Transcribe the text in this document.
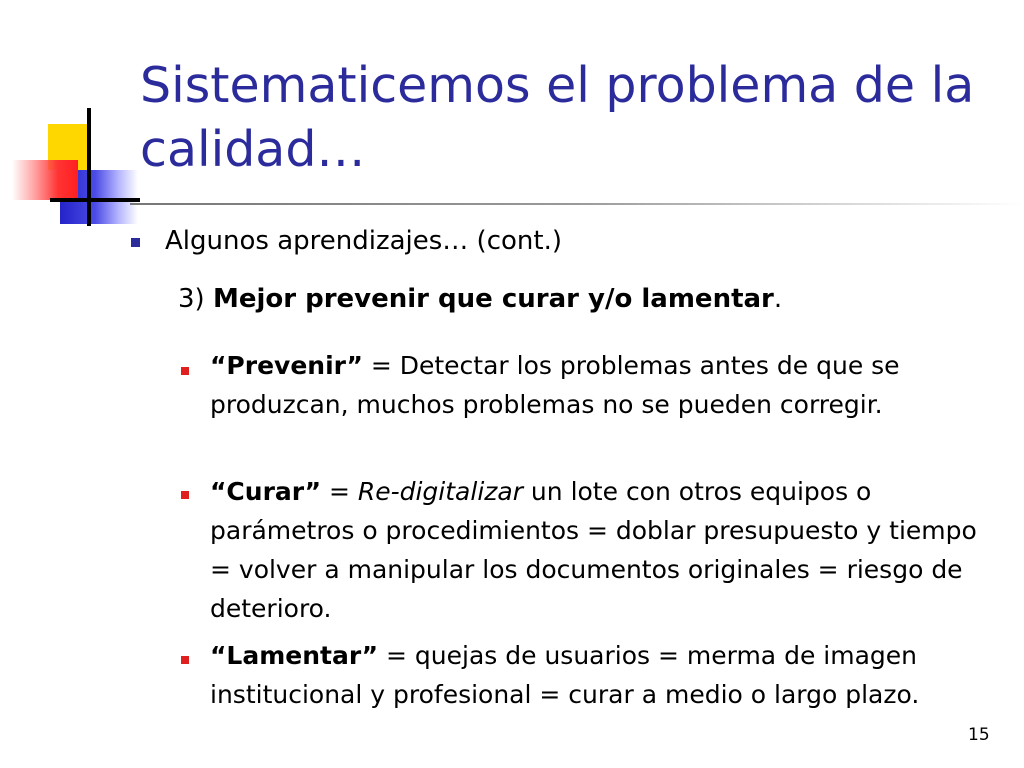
Sistematicemos el problema de la calidad…
Algunos aprendizajes… (cont.)
3) Mejor prevenir que curar y/o lamentar.
“Prevenir” = Detectar los problemas antes de que se produzcan, muchos problemas no se pueden corregir.
“Curar” = Re-digitalizar un lote con otros equipos o parámetros o procedimientos = doblar presupuesto y tiempo = volver a manipular los documentos originales = riesgo de deterioro.
“Lamentar” = quejas de usuarios = merma de imagen institucional y profesional = curar a medio o largo plazo.
15
